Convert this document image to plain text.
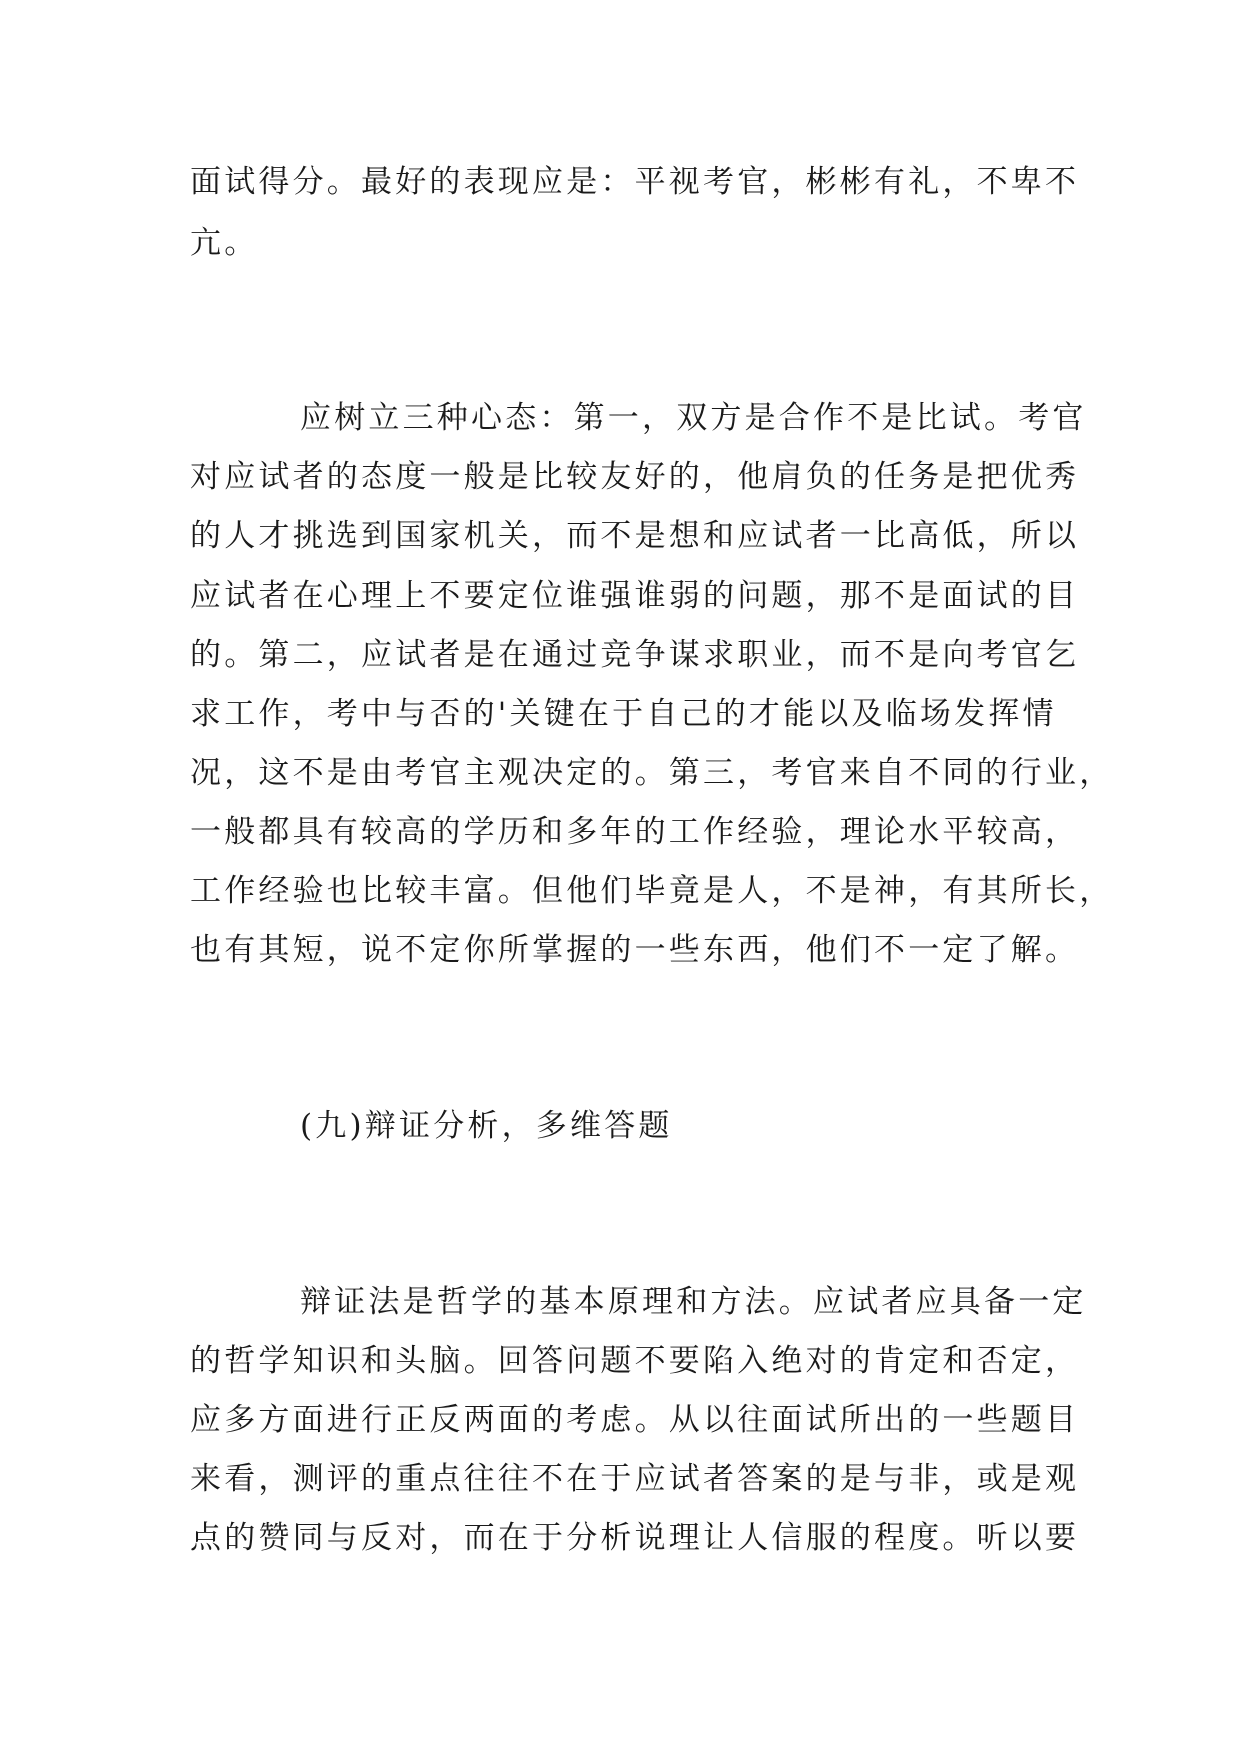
面试得分。最好的表现应是：平视考官，彬彬有礼，不卑不
亢。
应树立三种心态：第一，双方是合作不是比试。考官
对应试者的态度一般是比较友好的，他肩负的任务是把优秀
的人才挑选到国家机关，而不是想和应试者一比高低，所以
应试者在心理上不要定位谁强谁弱的问题，那不是面试的目
的。第二，应试者是在通过竞争谋求职业，而不是向考官乞
求工作，考中与否的'关键在于自己的才能以及临场发挥情
况，这不是由考官主观决定的。第三，考官来自不同的行业，
一般都具有较高的学历和多年的工作经验，理论水平较高，
工作经验也比较丰富。但他们毕竟是人，不是神，有其所长，
也有其短，说不定你所掌握的一些东西，他们不一定了解。
(九)辩证分析，多维答题
辩证法是哲学的基本原理和方法。应试者应具备一定
的哲学知识和头脑。回答问题不要陷入绝对的肯定和否定，
应多方面进行正反两面的考虑。从以往面试所出的一些题目
来看，测评的重点往往不在于应试者答案的是与非，或是观
点的赞同与反对，而在于分析说理让人信服的程度。听以要
